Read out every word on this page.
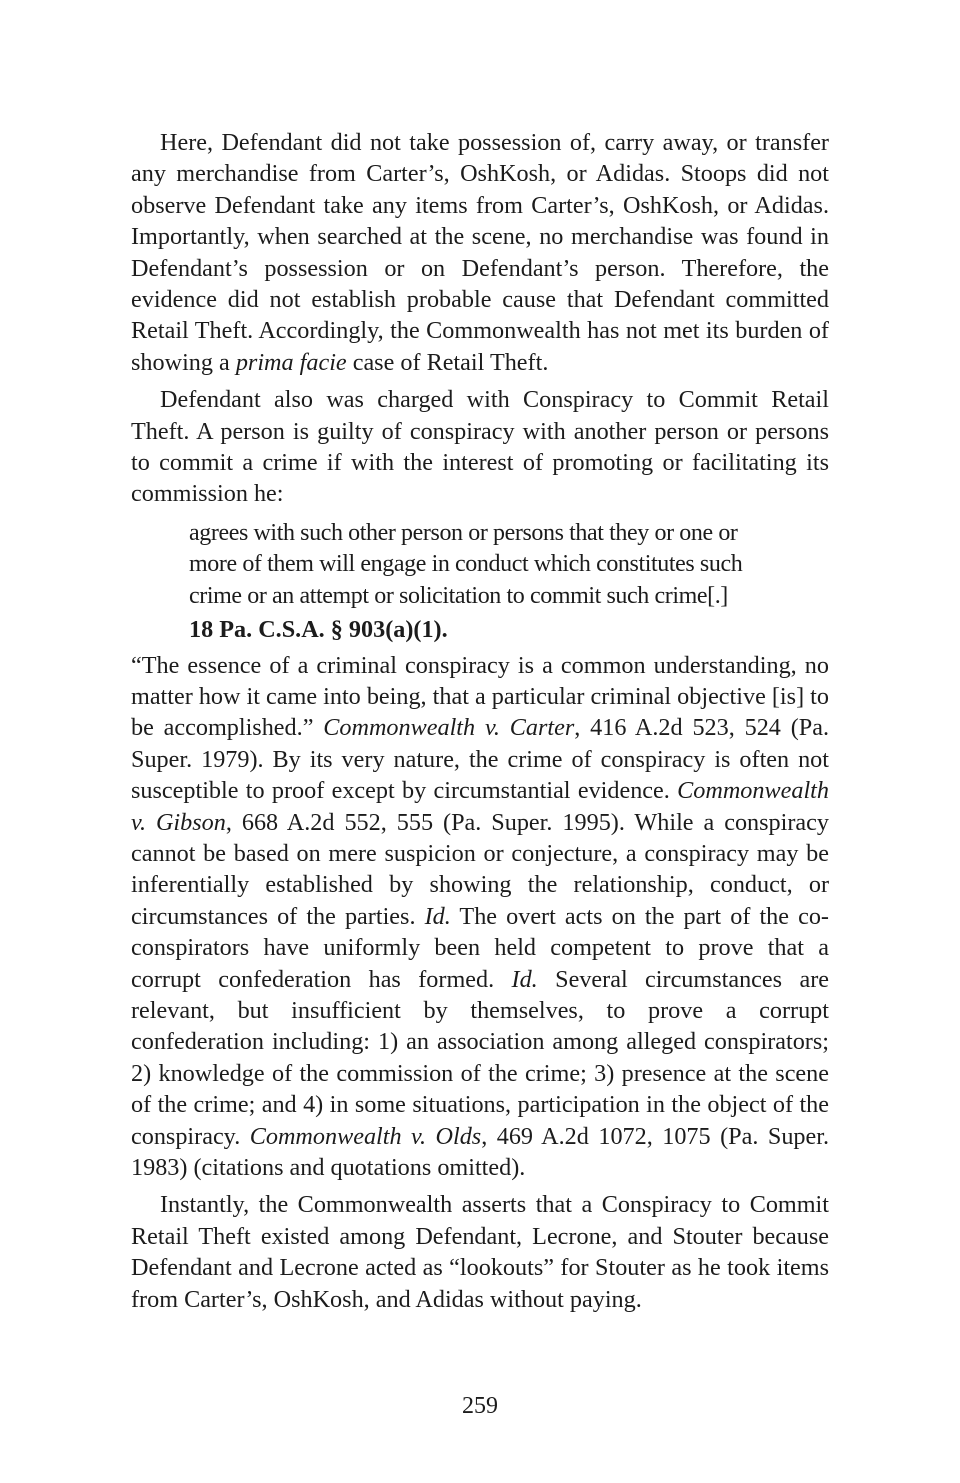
Here, Defendant did not take possession of, carry away, or transfer any merchandise from Carter’s, OshKosh, or Adidas. Stoops did not observe Defendant take any items from Carter’s, OshKosh, or Adidas. Importantly, when searched at the scene, no merchandise was found in Defendant’s possession or on Defendant’s person. Therefore, the evidence did not establish probable cause that Defendant committed Retail Theft. Accordingly, the Commonwealth has not met its burden of showing a prima facie case of Retail Theft.

Defendant also was charged with Conspiracy to Commit Retail Theft. A person is guilty of conspiracy with another person or persons to commit a crime if with the interest of promoting or facilitating its commission he:

agrees with such other person or persons that they or one or more of them will engage in conduct which constitutes such crime or an attempt or solicitation to commit such crime[.]

18 Pa. C.S.A. § 903(a)(1).

“The essence of a criminal conspiracy is a common understanding, no matter how it came into being, that a particular criminal objective [is] to be accomplished.” Commonwealth v. Carter, 416 A.2d 523, 524 (Pa. Super. 1979). By its very nature, the crime of conspiracy is often not susceptible to proof except by circumstantial evidence. Commonwealth v. Gibson, 668 A.2d 552, 555 (Pa. Super. 1995). While a conspiracy cannot be based on mere suspicion or conjecture, a conspiracy may be inferentially established by showing the relationship, conduct, or circumstances of the parties. Id. The overt acts on the part of the co-conspirators have uniformly been held competent to prove that a corrupt confederation has formed. Id. Several circumstances are relevant, but insufficient by themselves, to prove a corrupt confederation including: 1) an association among alleged conspirators; 2) knowledge of the commission of the crime; 3) presence at the scene of the crime; and 4) in some situations, participation in the object of the conspiracy. Commonwealth v. Olds, 469 A.2d 1072, 1075 (Pa. Super. 1983) (citations and quotations omitted).

Instantly, the Commonwealth asserts that a Conspiracy to Commit Retail Theft existed among Defendant, Lecrone, and Stouter because Defendant and Lecrone acted as “lookouts” for Stouter as he took items from Carter’s, OshKosh, and Adidas without paying.

259
